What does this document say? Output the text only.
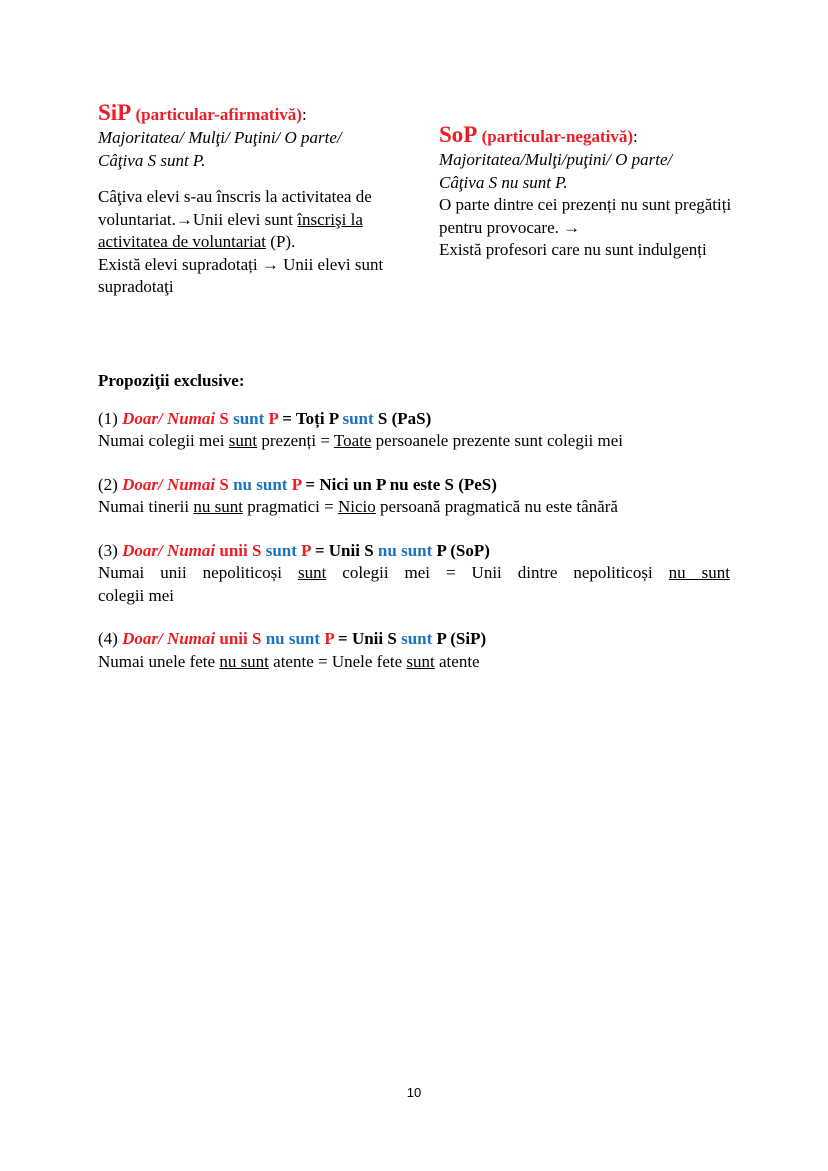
SiP (particular-afirmativă):

Majoritatea/ Mulţi/ Puţini/ O parte/

Câţiva S sunt P.

Câţiva elevi s-au înscris la activitatea de voluntariat.→Unii elevi sunt înscrişi la activitatea de voluntariat (P).

Există elevi supradotați → Unii elevi sunt supradotaţi

SoP (particular-negativă):

Majoritatea/Mulţi/puţini/ O parte/

Câţiva S nu sunt P.

O parte dintre cei prezenți nu sunt pregătiți pentru provocare. →

Există profesori care nu sunt indulgenți

Propoziţii exclusive:

(1) Doar/ Numai S sunt P = Toți P sunt S (PaS)

Numai colegii mei sunt prezenți = Toate persoanele prezente sunt colegii mei

(2) Doar/ Numai S nu sunt P = Nici un P nu este S (PeS)

Numai tinerii nu sunt pragmatici = Nicio persoană pragmatică nu este tânără

(3) Doar/ Numai unii S sunt P = Unii S nu sunt P (SoP)

Numai unii nepoliticoși sunt colegii mei = Unii dintre nepoliticoși nu sunt

colegii mei

(4) Doar/ Numai unii S nu sunt P = Unii S sunt P (SiP)

Numai unele fete nu sunt atente = Unele fete sunt atente

10
